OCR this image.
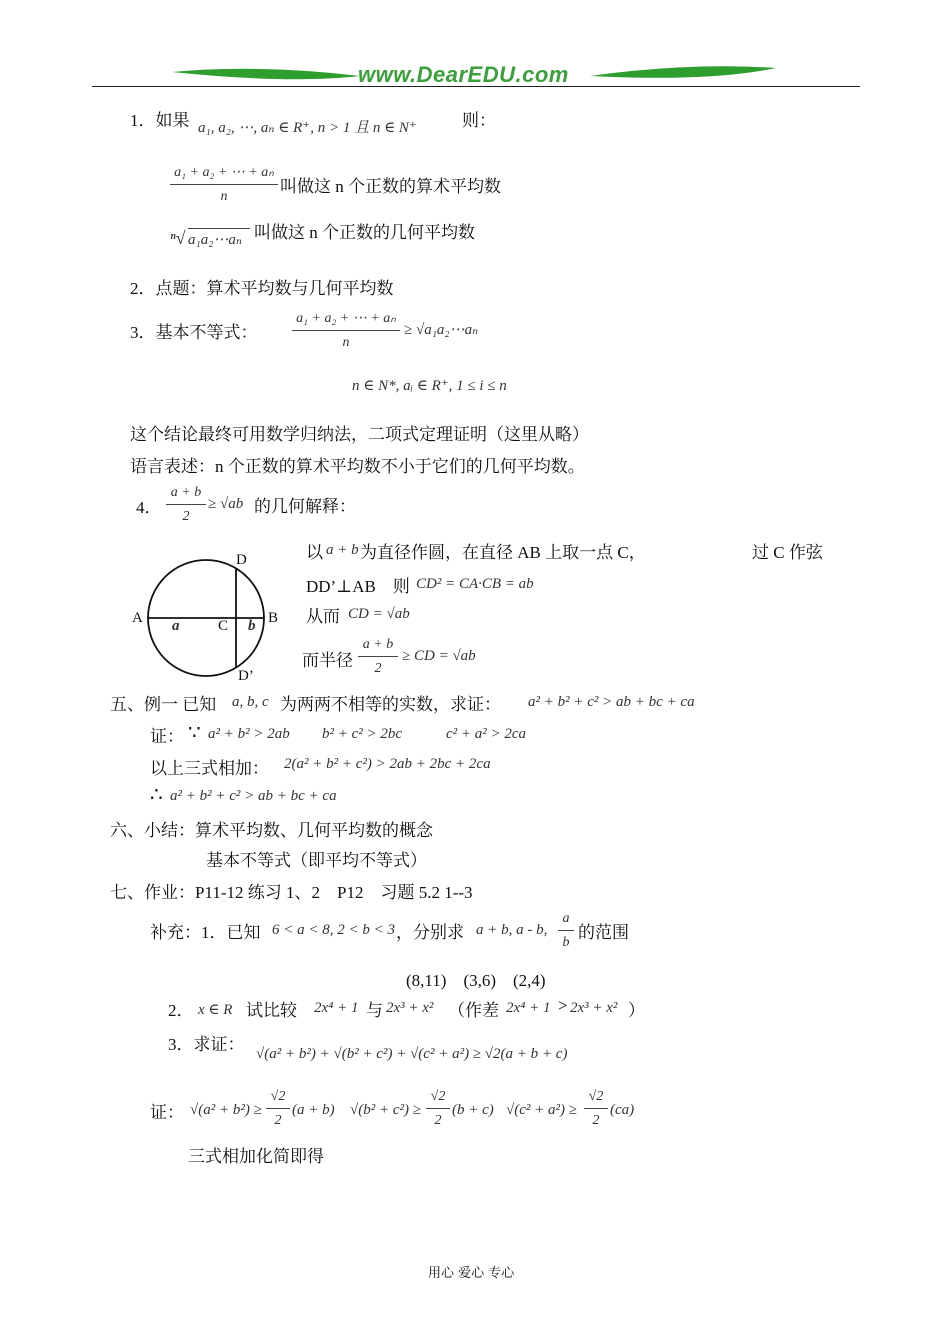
www.DearEDU.com
1．如果 a₁, a₂, ⋯, aₙ ∈ R⁺, n > 1 且 n ∈ N⁺	则：
a₁ + a₂ + ⋯ + aₙ
n
叫做这 n 个正数的算术平均数
ⁿ√ a₁a₂⋯aₙ 叫做这 n 个正数的几何平均数
2．点题：算术平均数与几何平均数
3．基本不等式：
a₁ + a₂ + ⋯ + aₙ
n
≥ √a₁a₂⋯aₙ
n ∈ N*, aᵢ ∈ R⁺, 1 ≤ i ≤ n
这个结论最终可用数学归纳法，二项式定理证明（这里从略）
语言表述：n 个正数的算术平均数不小于它们的几何平均数。
4．
a + b
2
≥ √ab 的几何解释：
A	B
C
D
D’
a	b
以 a + b 为直径作圆，在直径 AB 上取一点 C，	过 C 作弦
DD’⊥AB　则 CD² = CA·CB = ab
从而 CD = √ab
而半径
a + b
2
≥ CD = √ab
五、例一 已知 a, b, c 为两两不相等的实数，求证： a² + b² + c² > ab + bc + ca
证： ∵ a² + b² > 2ab b² + c² > 2bc	c² + a² > 2ca
以上三式相加： 2(a² + b² + c²) > 2ab + 2bc + 2ca
∴ a² + b² + c² > ab + bc + ca
六、小结：算术平均数、几何平均数的概念
基本不等式（即平均不等式）
七、作业：P11-12 练习 1、2　P12　习题 5.2 1--3
补充：1．已知 6 < a < 8, 2 < b < 3 ，分别求 a + b, a - b,
a
b
的范围
(8,11)　(3,6)　(2,4)
2． x ∈ R 试比较 2x⁴ + 1 与 2x³ + x² （作差 2x⁴ + 1 > 2x³ + x² ）
3．求证： √(a² + b²) + √(b² + c²) + √(c² + a²) ≥ √2(a + b + c)
证： √(a² + b²) ≥
√2
2
(a + b) √(b² + c²) ≥
√2
2
(b + c) √(c² + a²) ≥
√2
2
(ca)
三式相加化简即得
用心 爱心 专心
